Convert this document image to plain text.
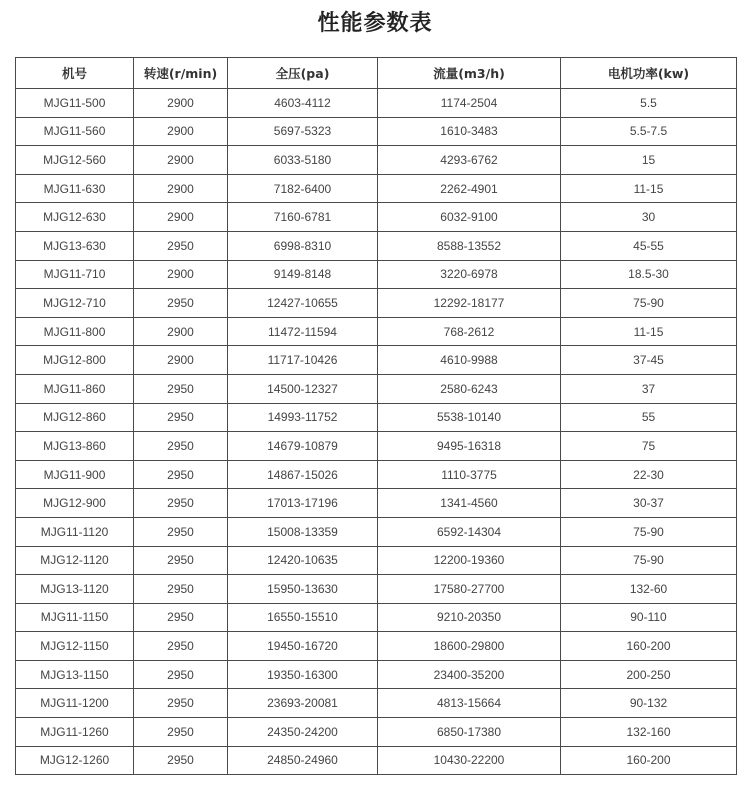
性能参数表
机号	转速(r/min)	全压(pa)	流量(m3/h)	电机功率(kw)
MJG11-500	2900	4603-4112	1174-2504	5.5
MJG11-560	2900	5697-5323	1610-3483	5.5-7.5
MJG12-560	2900	6033-5180	4293-6762	15
MJG11-630	2900	7182-6400	2262-4901	11-15
MJG12-630	2900	7160-6781	6032-9100	30
MJG13-630	2950	6998-8310	8588-13552	45-55
MJG11-710	2900	9149-8148	3220-6978	18.5-30
MJG12-710	2950	12427-10655	12292-18177	75-90
MJG11-800	2900	11472-11594	768-2612	11-15
MJG12-800	2900	11717-10426	4610-9988	37-45
MJG11-860	2950	14500-12327	2580-6243	37
MJG12-860	2950	14993-11752	5538-10140	55
MJG13-860	2950	14679-10879	9495-16318	75
MJG11-900	2950	14867-15026	1110-3775	22-30
MJG12-900	2950	17013-17196	1341-4560	30-37
MJG11-1120	2950	15008-13359	6592-14304	75-90
MJG12-1120	2950	12420-10635	12200-19360	75-90
MJG13-1120	2950	15950-13630	17580-27700	132-60
MJG11-1150	2950	16550-15510	9210-20350	90-110
MJG12-1150	2950	19450-16720	18600-29800	160-200
MJG13-1150	2950	19350-16300	23400-35200	200-250
MJG11-1200	2950	23693-20081	4813-15664	90-132
MJG11-1260	2950	24350-24200	6850-17380	132-160
MJG12-1260	2950	24850-24960	10430-22200	160-200
